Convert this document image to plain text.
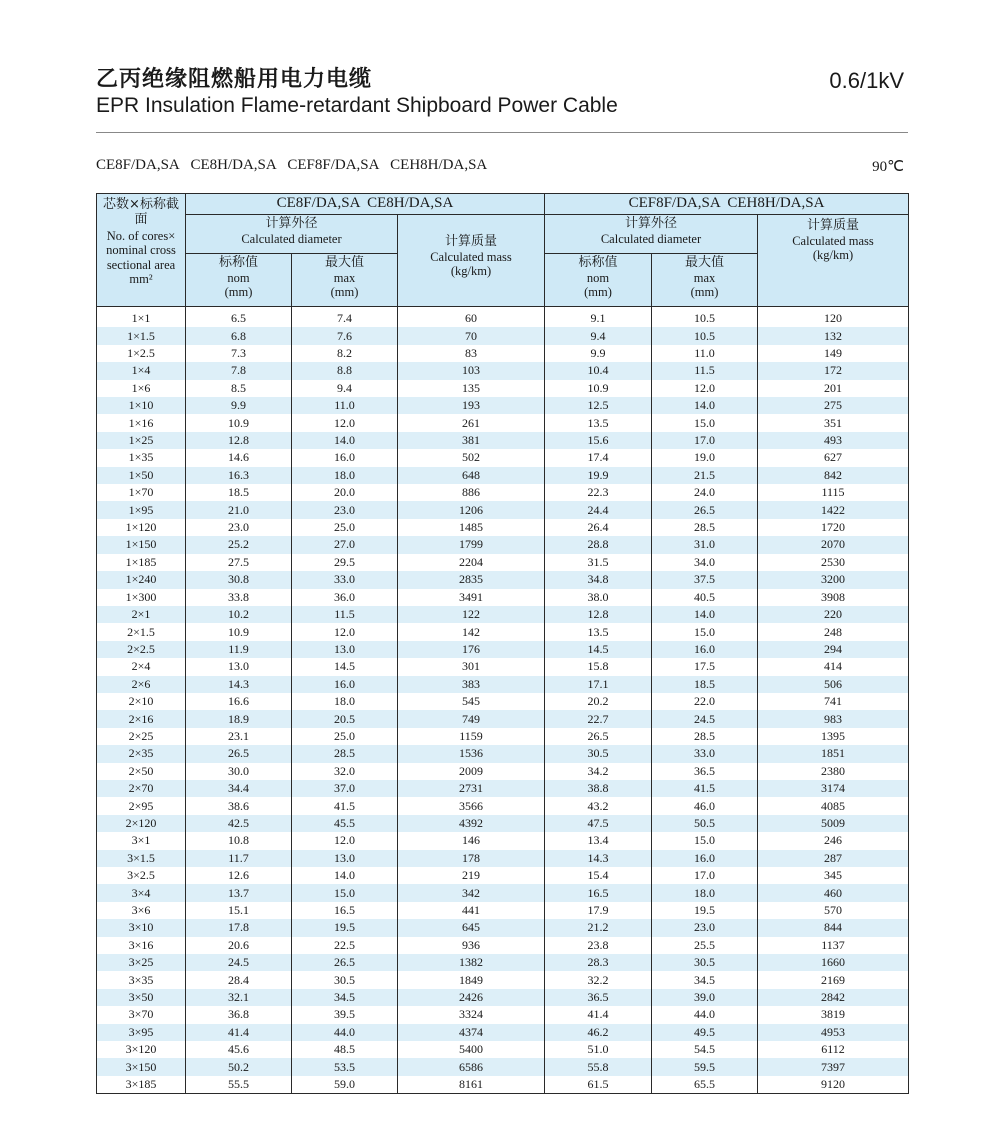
乙丙绝缘阻燃船用电力电缆
EPR Insulation Flame-retardant Shipboard Power Cable
0.6/1kV
CE8F/DA,SA  CE8H/DA,SA  CEF8F/DA,SA  CEH8H/DA,SA	90℃
芯数×标称截面
No. of cores×
nominal cross
sectional area
mm²	CE8F/DA,SA  CE8H/DA,SA			CEF8F/DA,SA  CEH8H/DA,SA		

	计算外径
Calculated diameter		计算质量
Calculated mass
(kg/km)	计算外径
Calculated diameter		计算质量
Calculated mass
(kg/km)

	标称值
nom
(mm)	最大值
max
(mm)		标称值
nom
(mm)	最大值
max
(mm)	

1×1	6.5	7.4	60	9.1	10.5	120
1×1.5	6.8	7.6	70	9.4	10.5	132
1×2.5	7.3	8.2	83	9.9	11.0	149
1×4	7.8	8.8	103	10.4	11.5	172
1×6	8.5	9.4	135	10.9	12.0	201
1×10	9.9	11.0	193	12.5	14.0	275
1×16	10.9	12.0	261	13.5	15.0	351
1×25	12.8	14.0	381	15.6	17.0	493
1×35	14.6	16.0	502	17.4	19.0	627
1×50	16.3	18.0	648	19.9	21.5	842
1×70	18.5	20.0	886	22.3	24.0	1115
1×95	21.0	23.0	1206	24.4	26.5	1422
1×120	23.0	25.0	1485	26.4	28.5	1720
1×150	25.2	27.0	1799	28.8	31.0	2070
1×185	27.5	29.5	2204	31.5	34.0	2530
1×240	30.8	33.0	2835	34.8	37.5	3200
1×300	33.8	36.0	3491	38.0	40.5	3908
2×1	10.2	11.5	122	12.8	14.0	220
2×1.5	10.9	12.0	142	13.5	15.0	248
2×2.5	11.9	13.0	176	14.5	16.0	294
2×4	13.0	14.5	301	15.8	17.5	414
2×6	14.3	16.0	383	17.1	18.5	506
2×10	16.6	18.0	545	20.2	22.0	741
2×16	18.9	20.5	749	22.7	24.5	983
2×25	23.1	25.0	1159	26.5	28.5	1395
2×35	26.5	28.5	1536	30.5	33.0	1851
2×50	30.0	32.0	2009	34.2	36.5	2380
2×70	34.4	37.0	2731	38.8	41.5	3174
2×95	38.6	41.5	3566	43.2	46.0	4085
2×120	42.5	45.5	4392	47.5	50.5	5009
3×1	10.8	12.0	146	13.4	15.0	246
3×1.5	11.7	13.0	178	14.3	16.0	287
3×2.5	12.6	14.0	219	15.4	17.0	345
3×4	13.7	15.0	342	16.5	18.0	460
3×6	15.1	16.5	441	17.9	19.5	570
3×10	17.8	19.5	645	21.2	23.0	844
3×16	20.6	22.5	936	23.8	25.5	1137
3×25	24.5	26.5	1382	28.3	30.5	1660
3×35	28.4	30.5	1849	32.2	34.5	2169
3×50	32.1	34.5	2426	36.5	39.0	2842
3×70	36.8	39.5	3324	41.4	44.0	3819
3×95	41.4	44.0	4374	46.2	49.5	4953
3×120	45.6	48.5	5400	51.0	54.5	6112
3×150	50.2	53.5	6586	55.8	59.5	7397
3×185	55.5	59.0	8161	61.5	65.5	9120
